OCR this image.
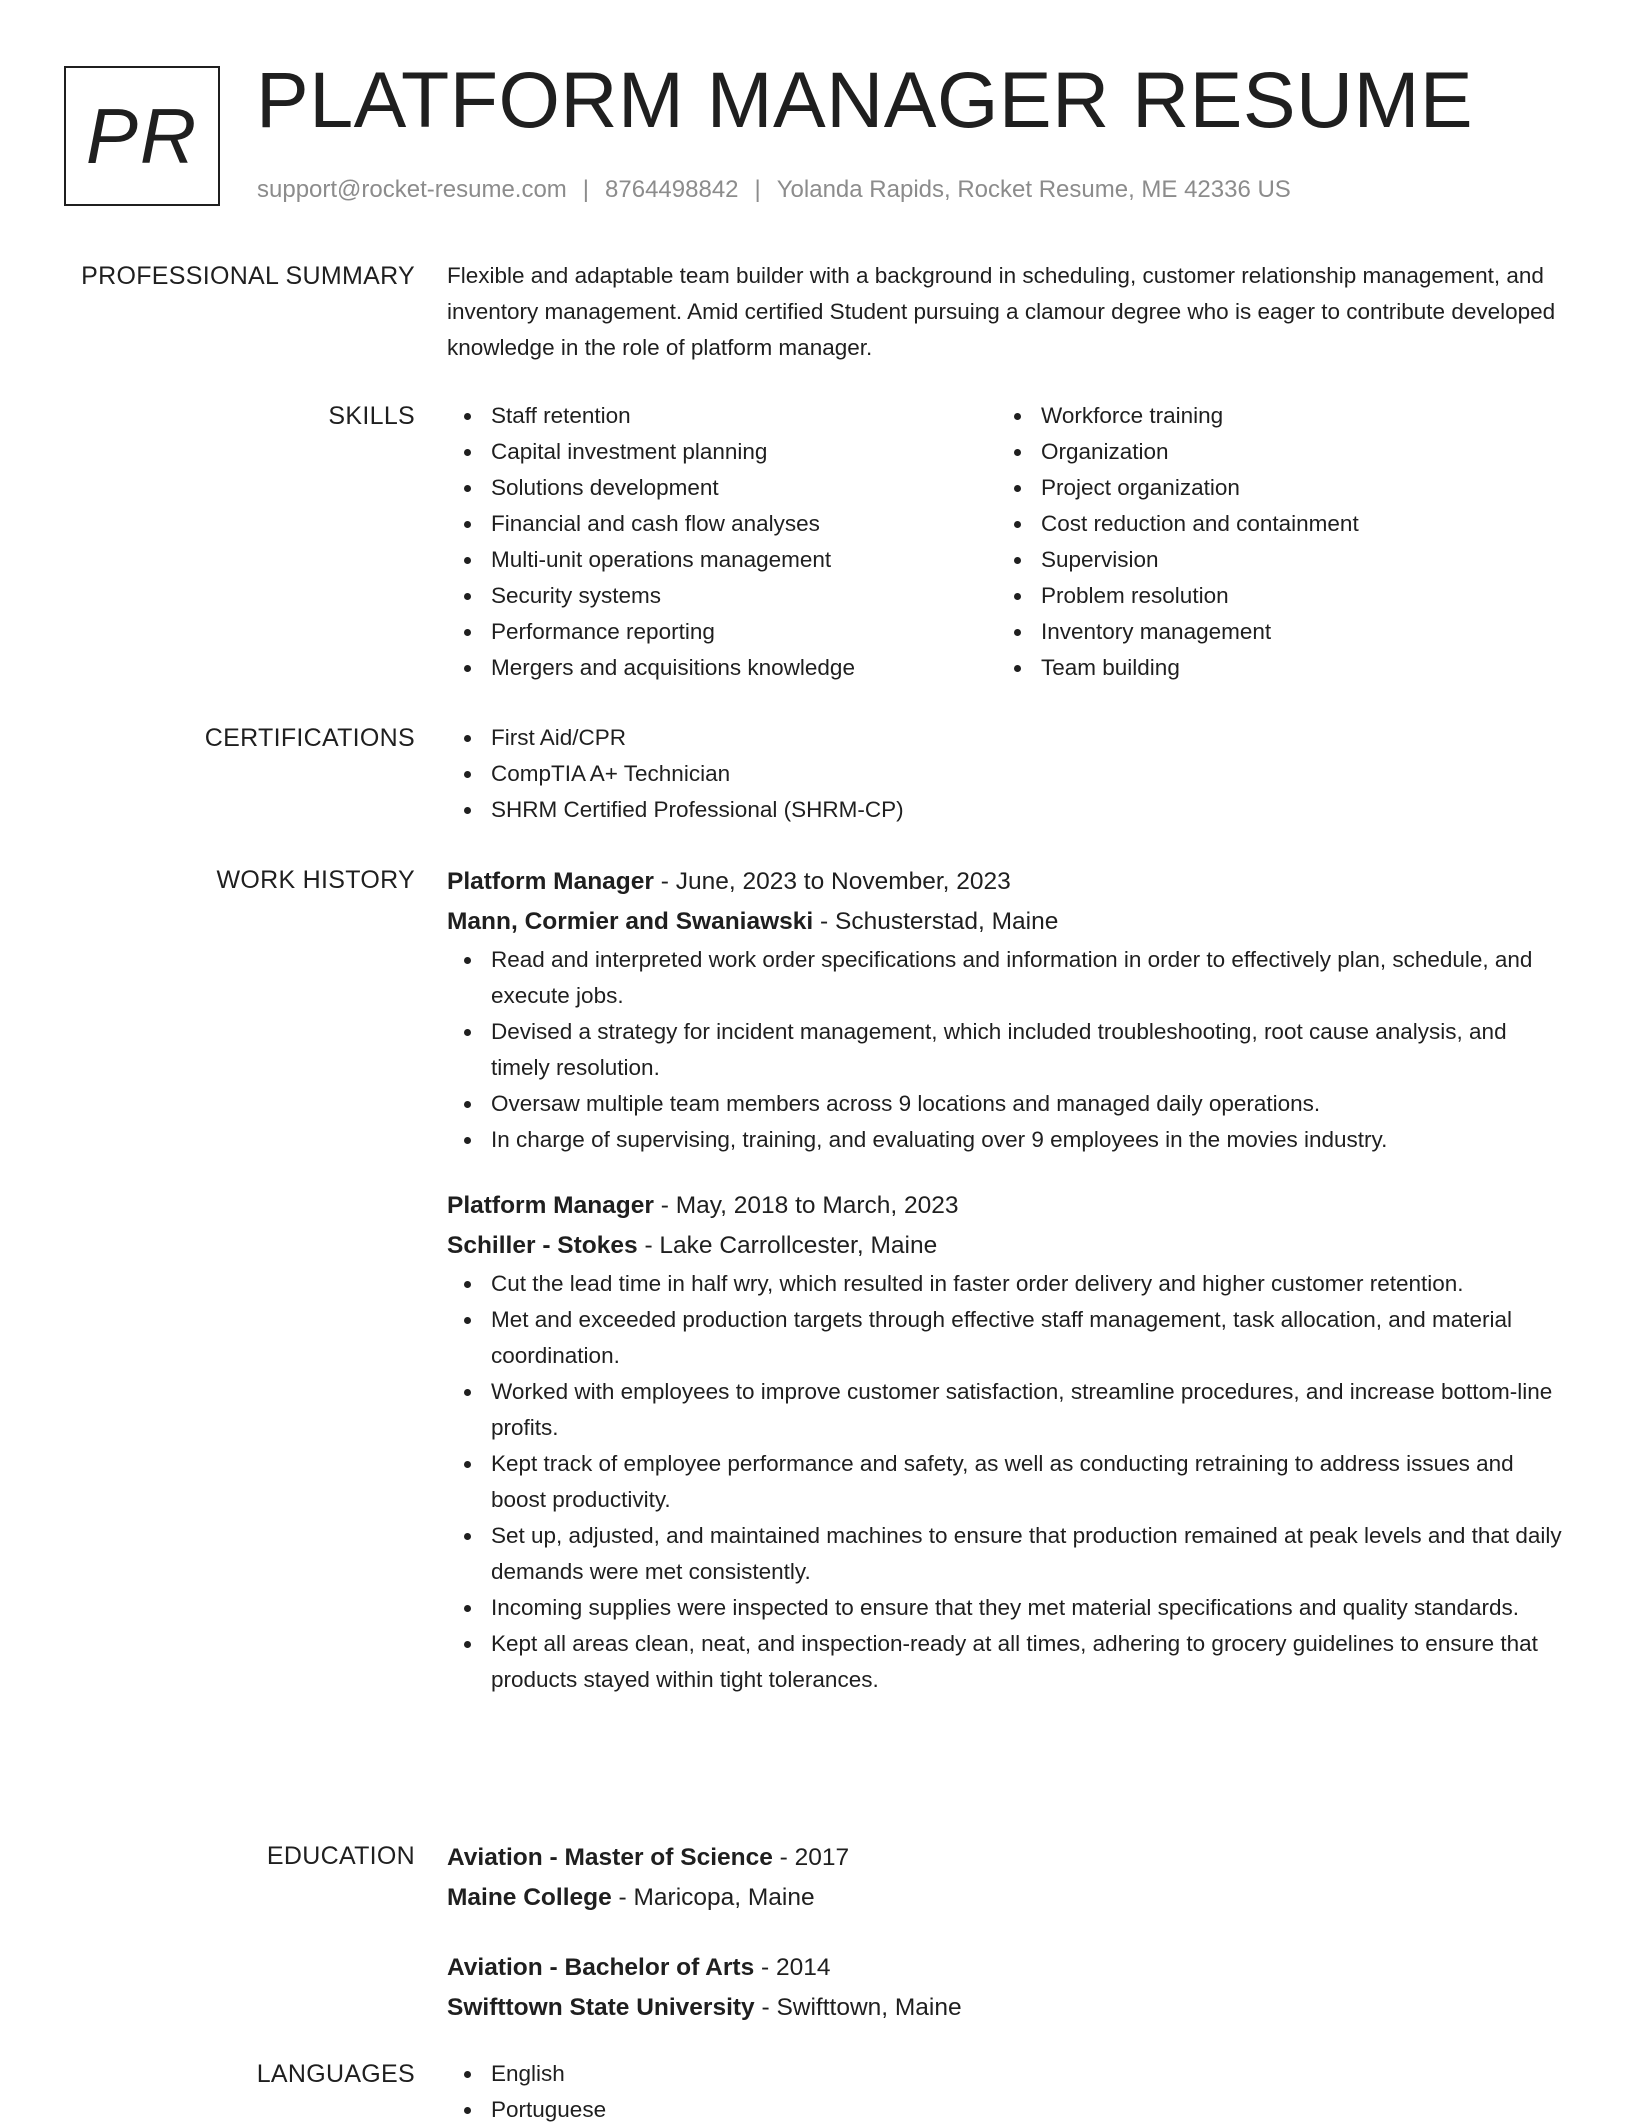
PR PLATFORM MANAGER RESUME
support@rocket-resume.com | 8764498842 | Yolanda Rapids, Rocket Resume, ME 42336 US
PROFESSIONAL SUMMARY Flexible and adaptable team builder with a background in scheduling, customer relationship management, and inventory management. Amid certified Student pursuing a clamour degree who is eager to contribute developed knowledge in the role of platform manager.

SKILLS	Staff retention
Capital investment planning
Solutions development
Financial and cash flow analyses
Multi-unit operations management
Security systems
Performance reporting
Mergers and acquisitions knowledge
Workforce training
Organization
Project organization
Cost reduction and containment
Supervision
Problem resolution
Inventory management
Team building
CERTIFICATIONS	First Aid/CPR
CompTIA A+ Technician
SHRM Certified Professional (SHRM-CP)
WORK HISTORY Platform Manager - June, 2023 to November, 2023
Mann, Cormier and Swaniawski - Schusterstad, Maine
Read and interpreted work order specifications and information in order to effectively plan, schedule, and execute jobs.
Devised a strategy for incident management, which included troubleshooting, root cause analysis, and timely resolution.
Oversaw multiple team members across 9 locations and managed daily operations.
In charge of supervising, training, and evaluating over 9 employees in the movies industry.
Platform Manager - May, 2018 to March, 2023
Schiller - Stokes - Lake Carrollcester, Maine
Cut the lead time in half wry, which resulted in faster order delivery and higher customer retention.
Met and exceeded production targets through effective staff management, task allocation, and material coordination.
Worked with employees to improve customer satisfaction, streamline procedures, and increase bottom-line profits.
Kept track of employee performance and safety, as well as conducting retraining to address issues and boost productivity.
Set up, adjusted, and maintained machines to ensure that production remained at peak levels and that daily demands were met consistently.
Incoming supplies were inspected to ensure that they met material specifications and quality standards.
Kept all areas clean, neat, and inspection-ready at all times, adhering to grocery guidelines to ensure that products stayed within tight tolerances.
EDUCATION Aviation - Master of Science - 2017
Maine College - Maricopa, Maine
Aviation - Bachelor of Arts - 2014
Swifttown State University - Swifttown, Maine
LANGUAGES	English
Portuguese
